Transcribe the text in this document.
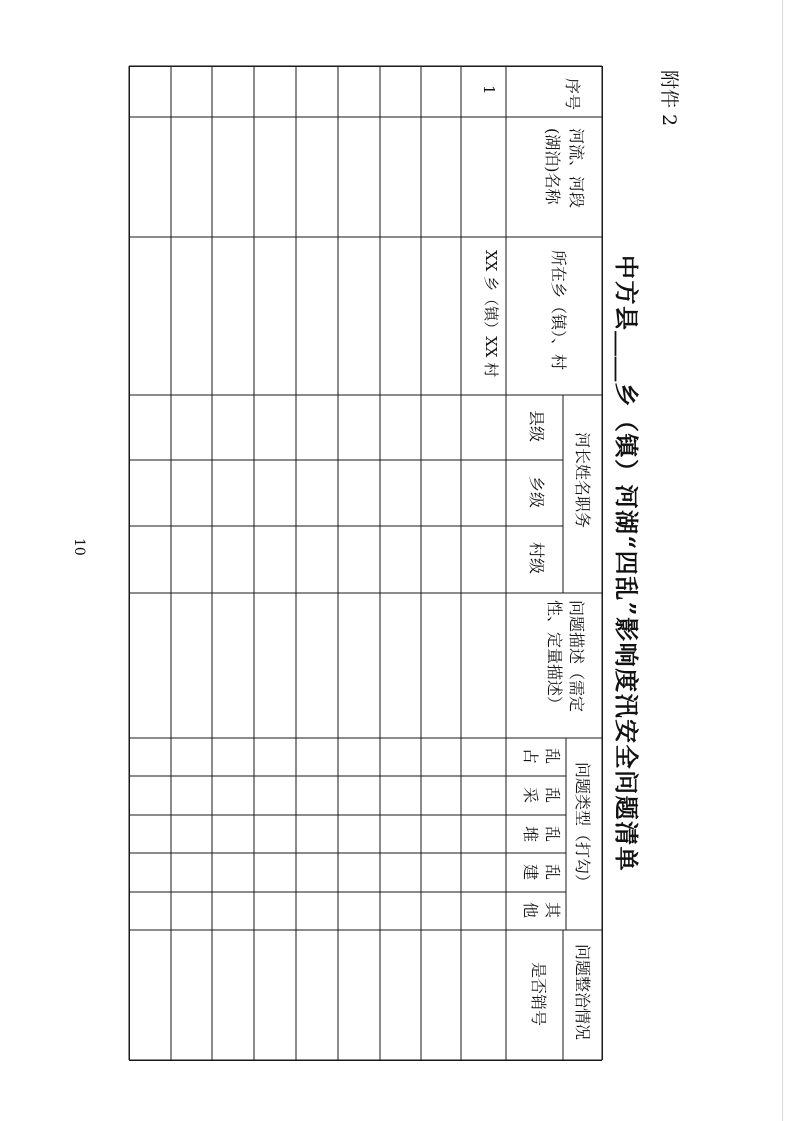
附件 2
中方县＿＿乡（镇）河湖“四乱”影响度汛安全问题清单
序号
河流、河段
(湖泊)名称
所在乡（镇）、村
河长姓名职务
县级
乡级
村级
问题描述（需定
性、定量描述）
问题类型（打勾）
乱
占
乱
采
乱
堆
乱
建
其
他
问题整治情况
是否销号
1
XX 乡（镇）XX 村
10
